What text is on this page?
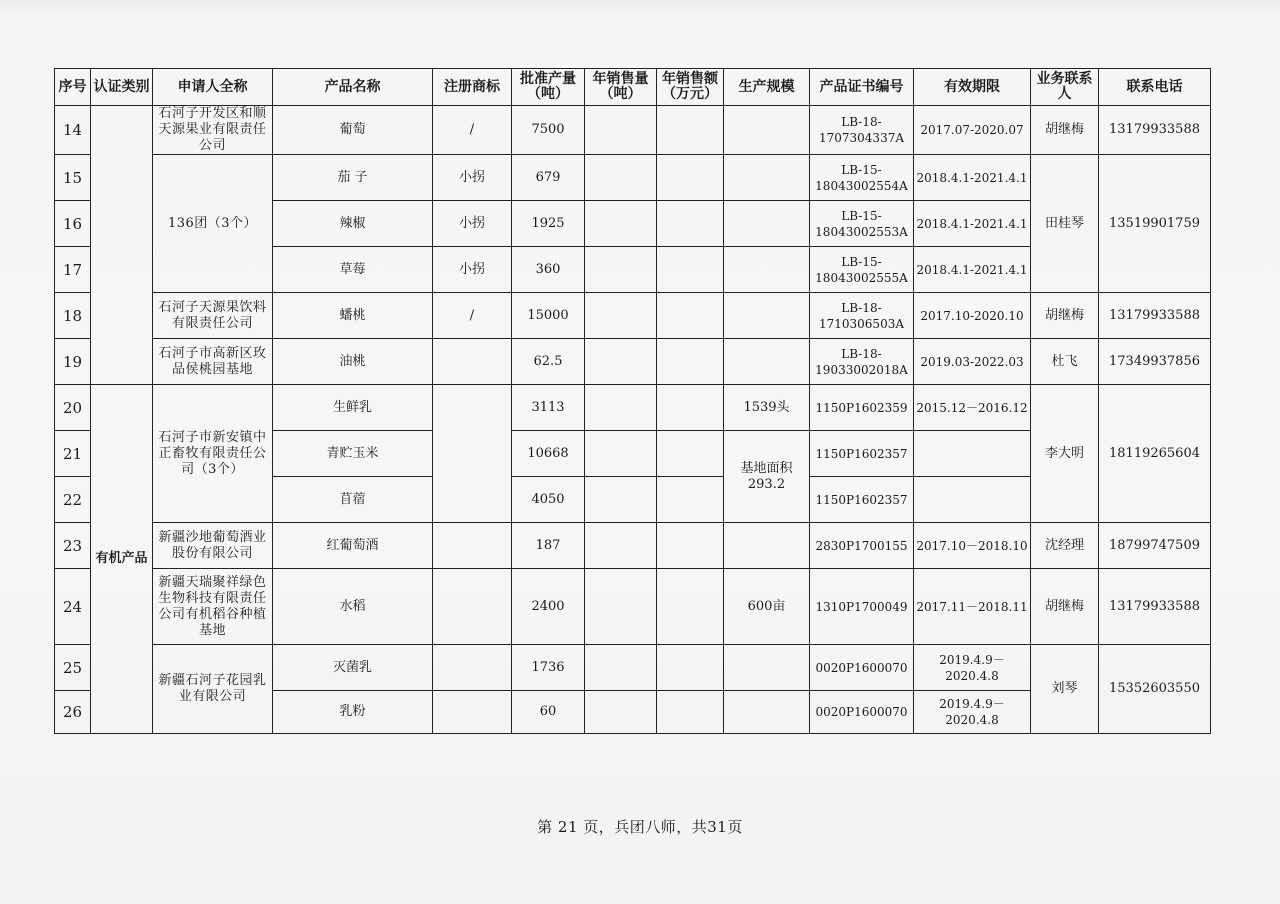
序号	认证类别	申请人全称	产品名称	注册商标	批准产量（吨）	年销售量（吨）	年销售额（万元）	生产规模	产品证书编号	有效期限	业务联系人	联系电话
14		石河子开发区和顺天源果业有限责任公司	葡萄	/	7500				LB-18-1707304337A	2017.07-2020.07	胡继梅	13179933588
15		136团（3个）	茄 子	小拐	679				LB-15-18043002554A	2018.4.1-2021.4.1	田桂琴	13519901759
16			辣椒	小拐	1925				LB-15-18043002553A	2018.4.1-2021.4.1		
17			草莓	小拐	360				LB-15-18043002555A	2018.4.1-2021.4.1		
18		石河子天源果饮料有限责任公司	蟠桃	/	15000				LB-18-1710306503A	2017.10-2020.10	胡继梅	13179933588
19		石河子市高新区玫品侯桃园基地	油桃		62.5				LB-18-19033002018A	2019.03-2022.03	杜飞	17349937856
20	有机产品	石河子市新安镇中正畜牧有限责任公司（3个）	生鲜乳		3113			1539头	1150P1602359	2015.12－2016.12	李大明	18119265604
21			青贮玉米		10668			基地面积293.2	1150P1602357			
22			苜蓿		4050				1150P1602357			
23		新疆沙地葡萄酒业股份有限公司	红葡萄酒		187				2830P1700155	2017.10－2018.10	沈经理	18799747509
24		新疆天瑞聚祥绿色生物科技有限责任公司有机稻谷种植基地	水稻		2400			600亩	1310P1700049	2017.11－2018.11	胡继梅	13179933588
25		新疆石河子花园乳业有限公司	灭菌乳		1736				0020P1600070	2019.4.9－2020.4.8	刘琴	15352603550
26			乳粉		60				0020P1600070	2019.4.9－2020.4.8		
第 21 页，兵团八师，共31页
